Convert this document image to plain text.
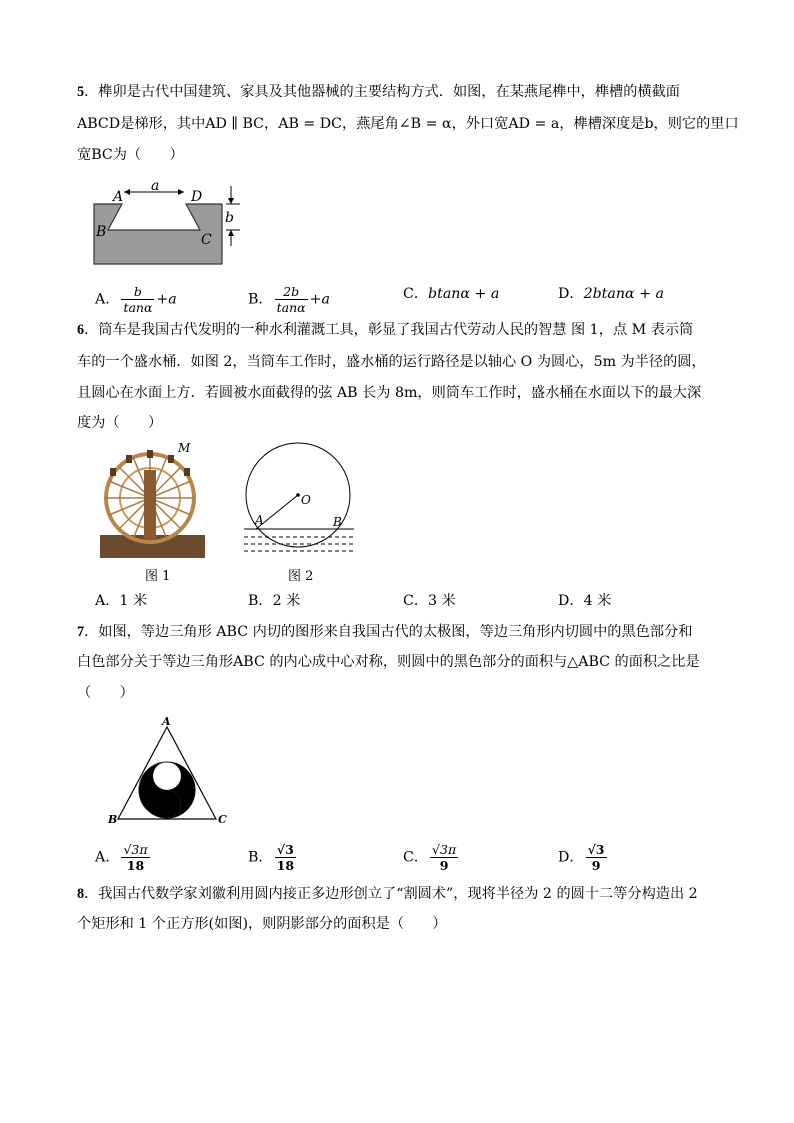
5．榫卯是古代中国建筑、家具及其他器械的主要结构方式．如图，在某燕尾榫中，榫槽的横截面
ABCD是梯形，其中AD ∥ BC，AB = DC，燕尾角∠B = α，外口宽AD = a，榫槽深度是b，则它的里口
宽BC为（　　）
A	D
B	C
a
b
A． $\frac{b}{\tan\alpha} +a$	B． $\frac{2b}{\tan\alpha} +a$	C．btanα + a	D．2btanα + a
6．筒车是我国古代发明的一种水利灌溉工具，彰显了我国古代劳动人民的智慧 图 1，点 M 表示筒
车的一个盛水桶．如图 2，当筒车工作时，盛水桶的运行路径是以轴心 O 为圆心，5m 为半径的圆，
且圆心在水面上方．若圆被水面截得的弦 AB 长为 8m，则筒车工作时，盛水桶在水面以下的最大深
度为（　　）
M
图 1
O
A	B
图 2
A．1 米	B．2 米	C．3 米	D．4 米
7．如图，等边三角形 ABC 内切的图形来自我国古代的太极图，等边三角形内切圆中的黑色部分和
白色部分关于等边三角形ABC 的内心成中心对称，则圆中的黑色部分的面积与△ABC 的面积之比是
（　　）
A
B	C
A． $\frac{√3\pi}{18}$	B． $\frac{√3}{18}$	C． $\frac{√3\pi}{9}$	D． $\frac{√3}{9}$
8．我国古代数学家刘徽利用圆内接正多边形创立了“割圆术”，现将半径为 2 的圆十二等分构造出 2
个矩形和 1 个正方形(如图)，则阴影部分的面积是（　　）
